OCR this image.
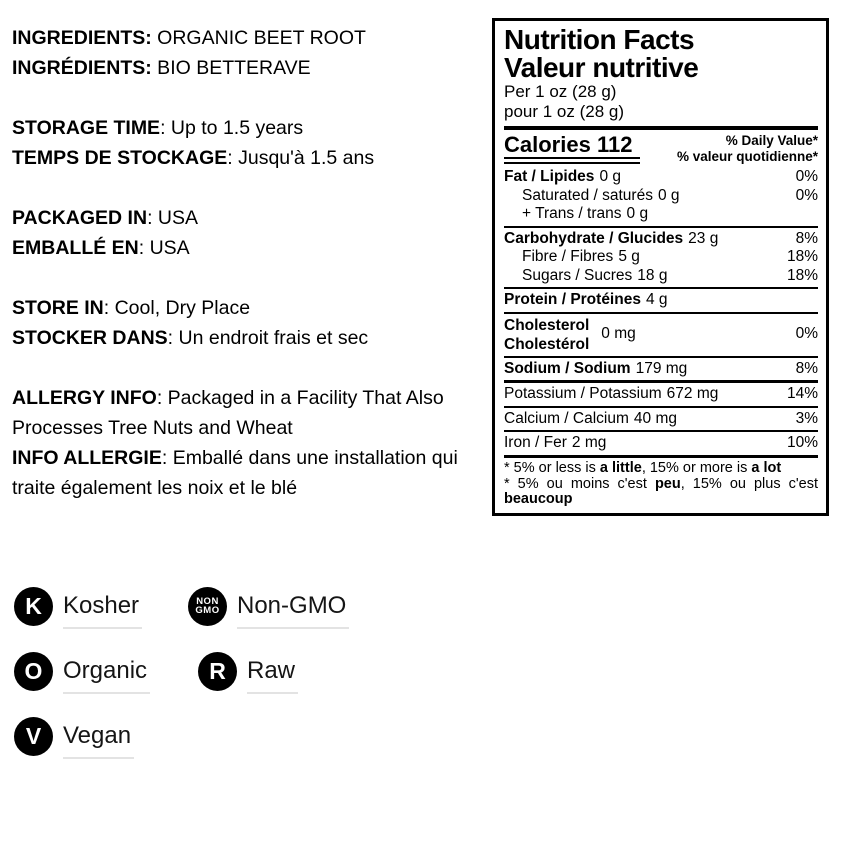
INGREDIENTS: ORGANIC BEET ROOT
INGRÉDIENTS: BIO BETTERAVE
STORAGE TIME: Up to 1.5 years
TEMPS DE STOCKAGE: Jusqu'à 1.5 ans
PACKAGED IN: USA
EMBALLÉ EN: USA
STORE IN: Cool, Dry Place
STOCKER DANS: Un endroit frais et sec
ALLERGY INFO: Packaged in a Facility That Also Processes Tree Nuts and Wheat
INFO ALLERGIE: Emballé dans une installation qui traite également les noix et le blé
Nutrition Facts
Valeur nutritive
Per 1 oz (28 g)
pour 1 oz (28 g)
Calories 112	% Daily Value*
% valeur quotidienne*
Fat / Lipides 0 g	0%
Saturated / saturés 0 g	0%
+ Trans / trans 0 g
Carbohydrate / Glucides 23 g	8%
Fibre / Fibres 5 g	18%
Sugars / Sucres 18 g	18%
Protein / Protéines 4 g
Cholesterol
Cholestérol
0 mg	0%
Sodium / Sodium 179 mg	8%
Potassium / Potassium 672 mg	14%
Calcium / Calcium 40 mg	3%
Iron / Fer 2 mg	10%
* 5% or less is a little, 15% or more is a lot
* 5% ou moins c'est peu, 15% ou plus c'est beaucoup
K Kosher	NON
GMO Non-GMO
O Organic	R Raw
V Vegan
